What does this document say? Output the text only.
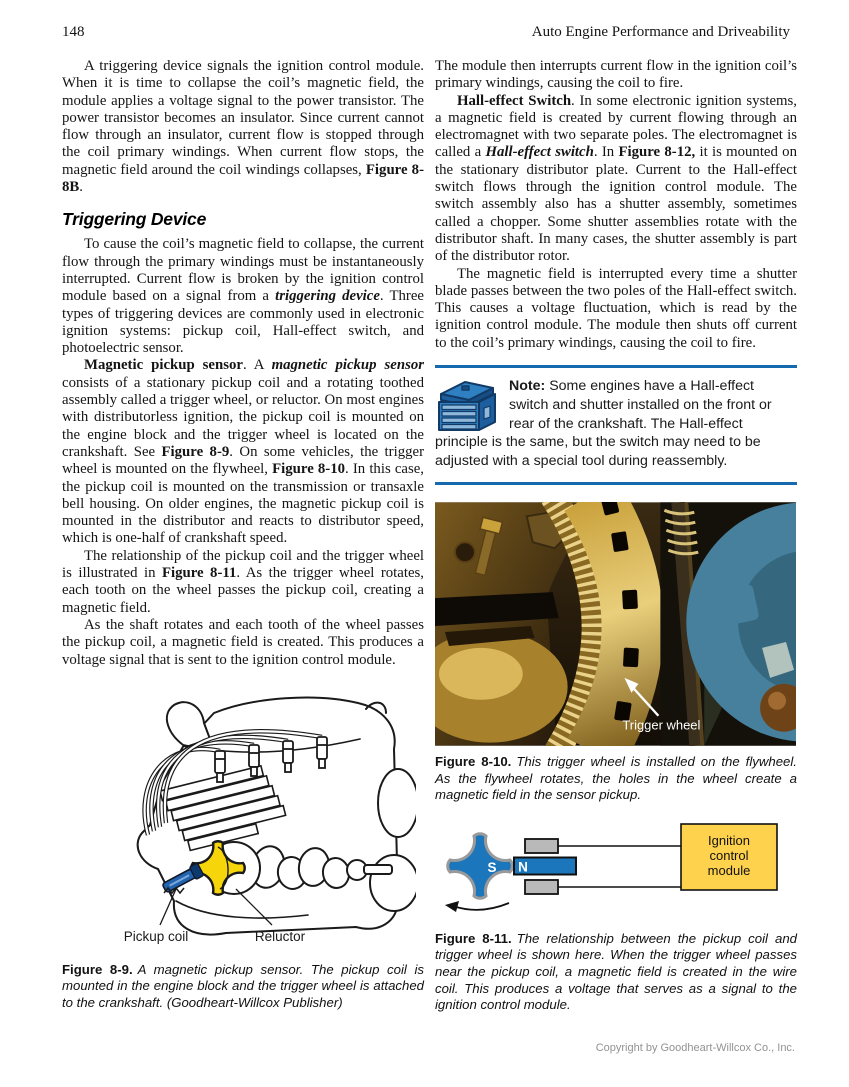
148	Auto Engine Performance and Driveability

A triggering device signals the ignition control module. When it is time to collapse the coil’s magnetic field, the module applies a voltage signal to the power transistor. The power transistor becomes an insulator. Since current cannot flow through an insulator, current flow is stopped through the coil primary windings. When current flow stops, the magnetic field around the coil windings collapses, Figure 8-8B.

Triggering Device

To cause the coil’s magnetic field to collapse, the current flow through the primary windings must be instantaneously interrupted. Current flow is broken by the ignition control module based on a signal from a triggering device. Three types of triggering devices are commonly used in electronic ignition systems: pickup coil, Hall-effect switch, and photoelectric sensor.

Magnetic pickup sensor. A magnetic pickup sensor consists of a stationary pickup coil and a rotating toothed assembly called a trigger wheel, or reluctor. On most engines with distributorless ignition, the pickup coil is mounted on the engine block and the trigger wheel is located on the crankshaft. See Figure 8-9. On some vehicles, the trigger wheel is mounted on the flywheel, Figure 8-10. In this case, the pickup coil is mounted on the transmission or transaxle bell housing. On older engines, the magnetic pickup coil is mounted in the distributor and reacts to distributor speed, which is one-half of crankshaft speed.

The relationship of the pickup coil and the trigger wheel is illustrated in Figure 8-11. As the trigger wheel rotates, each tooth on the wheel passes the pickup coil, creating a magnetic field.

As the shaft rotates and each tooth of the wheel passes the pickup coil, a magnetic field is created. This produces a voltage signal that is sent to the ignition control module.

Pickup coil	Reluctor

Figure 8-9. A magnetic pickup sensor. The pickup coil is mounted in the engine block and the trigger wheel is attached to the crankshaft. (Goodheart-Willcox Publisher)

The module then interrupts current flow in the ignition coil’s primary windings, causing the coil to fire.

Hall-effect Switch. In some electronic ignition systems, a magnetic field is created by current flowing through an electromagnet with two separate poles. The electromagnet is called a Hall-effect switch. In Figure 8-12, it is mounted on the stationary distributor plate. Current to the Hall-effect switch flows through the ignition control module. The switch assembly also has a shutter assembly, sometimes called a chopper. Some shutter assemblies rotate with the distributor shaft. In many cases, the shutter assembly is part of the distributor rotor.

The magnetic field is interrupted every time a shutter blade passes between the two poles of the Hall-effect switch. This causes a voltage fluctuation, which is read by the ignition control module. The module then shuts off current to the coil’s primary windings, causing the coil to fire.

Note: Some engines have a Hall-effect switch and shutter installed on the front or rear of the crankshaft. The Hall-effect principle is the same, but the switch may need to be adjusted with a special tool during reassembly.

Trigger wheel

Figure 8-10. This trigger wheel is installed on the flywheel. As the flywheel rotates, the holes in the wheel create a magnetic field in the sensor pickup.

S N
Ignition
control
module

Figure 8-11. The relationship between the pickup coil and trigger wheel is shown here. When the trigger wheel passes near the pickup coil, a magnetic field is created in the wire coil. This produces a voltage that serves as a signal to the ignition control module.

Copyright by Goodheart-Willcox Co., Inc.
